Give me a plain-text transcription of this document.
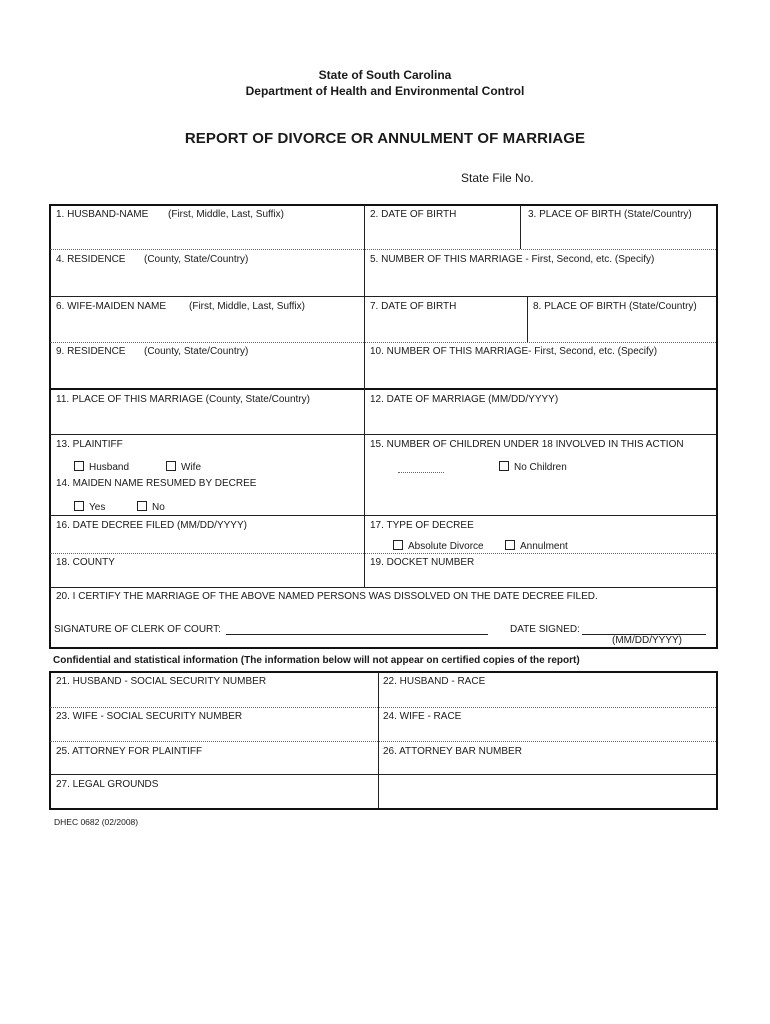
State of South Carolina
Department of Health and Environmental Control
REPORT OF DIVORCE OR ANNULMENT OF MARRIAGE
State File No.
1. HUSBAND-NAME (First, Middle, Last, Suffix)	2. DATE OF BIRTH	3. PLACE OF BIRTH (State/Country)
4. RESIDENCE (County, State/Country)	5. NUMBER OF THIS MARRIAGE - First, Second, etc. (Specify)
6. WIFE-MAIDEN NAME (First, Middle, Last, Suffix)	7. DATE OF BIRTH	8. PLACE OF BIRTH (State/Country)
9. RESIDENCE (County, State/Country)	10. NUMBER OF THIS MARRIAGE- First, Second, etc. (Specify)
11. PLACE OF THIS MARRIAGE (County, State/Country)	12. DATE OF MARRIAGE (MM/DD/YYYY)
13. PLAINTIFF
Husband	Wife
14. MAIDEN NAME RESUMED BY DECREE
Yes	No
15. NUMBER OF CHILDREN UNDER 18 INVOLVED IN THIS ACTION
No Children
16. DATE DECREE FILED (MM/DD/YYYY)	17. TYPE OF DECREE
Absolute Divorce	Annulment
18. COUNTY	19. DOCKET NUMBER
20. I CERTIFY THE MARRIAGE OF THE ABOVE NAMED PERSONS WAS DISSOLVED ON THE DATE DECREE FILED.
SIGNATURE OF CLERK OF COURT:	DATE SIGNED:
(MM/DD/YYYY)
Confidential and statistical information (The information below will not appear on certified copies of the report)
21. HUSBAND - SOCIAL SECURITY NUMBER	22. HUSBAND - RACE
23. WIFE - SOCIAL SECURITY NUMBER	24. WIFE - RACE
25. ATTORNEY FOR PLAINTIFF	26. ATTORNEY BAR NUMBER
27. LEGAL GROUNDS
DHEC 0682 (02/2008)
